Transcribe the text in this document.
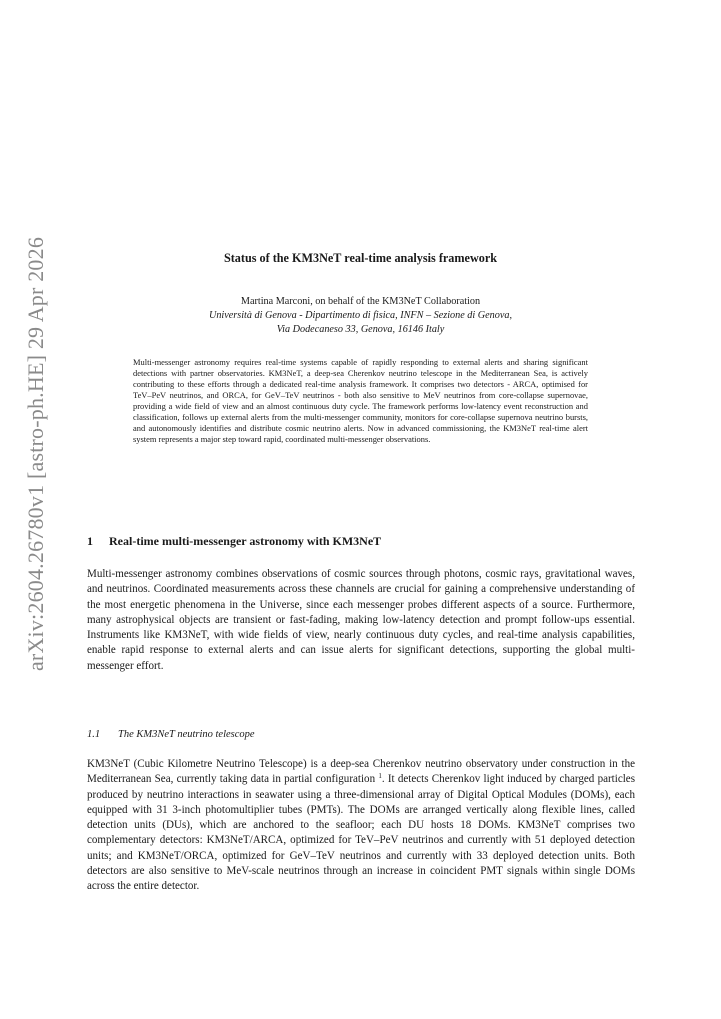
arXiv:2604.26780v1 [astro-ph.HE] 29 Apr 2026	Status of the KM3NeT real-time analysis framework
Martina Marconi, on behalf of the KM3NeT Collaboration
Università di Genova - Dipartimento di fisica, INFN – Sezione di Genova,
Via Dodecaneso 33, Genova, 16146 Italy
Multi-messenger astronomy requires real-time systems capable of rapidly responding to external alerts and sharing significant detections with partner observatories. KM3NeT, a deep-sea Cherenkov neutrino telescope in the Mediterranean Sea, is actively contributing to these efforts through a dedicated real-time analysis framework. It comprises two detectors - ARCA, optimised for TeV–PeV neutrinos, and ORCA, for GeV–TeV neutrinos - both also sensitive to MeV neutrinos from core-collapse supernovae, providing a wide field of view and an almost continuous duty cycle. The framework performs low-latency event reconstruction and classification, follows up external alerts from the multi-messenger community, monitors for core-collapse supernova neutrino bursts, and autonomously identifies and distribute cosmic neutrino alerts. Now in advanced commissioning, the KM3NeT real-time alert system represents a major step toward rapid, coordinated multi-messenger observations.
1 Real-time multi-messenger astronomy with KM3NeT
Multi-messenger astronomy combines observations of cosmic sources through photons, cosmic rays, gravitational waves, and neutrinos. Coordinated measurements across these channels are crucial for gaining a comprehensive understanding of the most energetic phenomena in the Universe, since each messenger probes different aspects of a source. Furthermore, many astrophysical objects are transient or fast-fading, making low-latency detection and prompt follow-ups essential. Instruments like KM3NeT, with wide fields of view, nearly continuous duty cycles, and real-time analysis capabilities, enable rapid response to external alerts and can issue alerts for significant detections, supporting the global multi-messenger effort.
1.1 The KM3NeT neutrino telescope
KM3NeT (Cubic Kilometre Neutrino Telescope) is a deep-sea Cherenkov neutrino observatory under construction in the Mediterranean Sea, currently taking data in partial configuration $^1$. It detects Cherenkov light induced by charged particles produced by neutrino interactions in seawater using a three-dimensional array of Digital Optical Modules (DOMs), each equipped with 31 3-inch photomultiplier tubes (PMTs). The DOMs are arranged vertically along flexible lines, called detection units (DUs), which are anchored to the seafloor; each DU hosts 18 DOMs. KM3NeT comprises two complementary detectors: KM3NeT/ARCA, optimized for TeV–PeV neutrinos and currently with 51 deployed detection units; and KM3NeT/ORCA, optimized for GeV–TeV neutrinos and currently with 33 deployed detection units. Both detectors are also sensitive to MeV-scale neutrinos through an increase in coincident PMT signals within single DOMs across the entire detector.
